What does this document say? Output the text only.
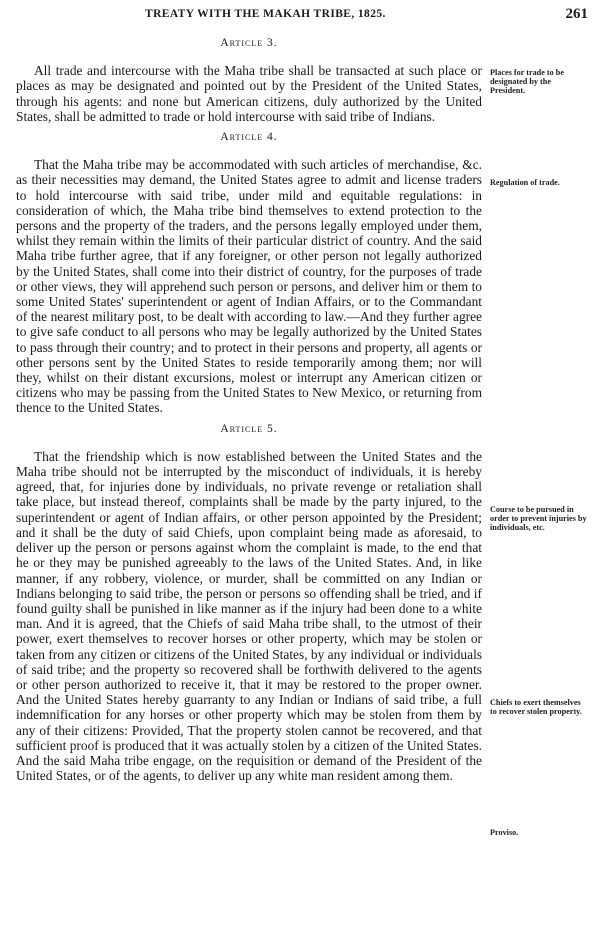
TREATY WITH THE MAKAH TRIBE, 1825.	261
Article 3.

All trade and intercourse with the Maha tribe shall be transacted at such place or places as may be designated and pointed out by the President of the United States, through his agents: and none but American citizens, duly authorized by the United States, shall be admitted to trade or hold intercourse with said tribe of Indians.

Article 4.

That the Maha tribe may be accommodated with such articles of merchandise, &c. as their necessities may demand, the United States agree to admit and license traders to hold intercourse with said tribe, under mild and equitable regulations: in consideration of which, the Maha tribe bind themselves to extend protection to the persons and the property of the traders, and the persons legally employed under them, whilst they remain within the limits of their particular district of country. And the said Maha tribe further agree, that if any foreigner, or other person not legally authorized by the United States, shall come into their district of country, for the purposes of trade or other views, they will apprehend such person or persons, and deliver him or them to some United States' superintendent or agent of Indian Affairs, or to the Commandant of the nearest military post, to be dealt with according to law.—And they further agree to give safe conduct to all persons who may be legally authorized by the United States to pass through their country; and to protect in their persons and property, all agents or other persons sent by the United States to reside temporarily among them; nor will they, whilst on their distant excursions, molest or interrupt any American citizen or citizens who may be passing from the United States to New Mexico, or returning from thence to the United States.

Article 5.

That the friendship which is now established between the United States and the Maha tribe should not be interrupted by the misconduct of individuals, it is hereby agreed, that, for injuries done by individuals, no private revenge or retaliation shall take place, but instead thereof, complaints shall be made by the party injured, to the superintendent or agent of Indian affairs, or other person appointed by the President; and it shall be the duty of said Chiefs, upon complaint being made as aforesaid, to deliver up the person or persons against whom the complaint is made, to the end that he or they may be punished agreeably to the laws of the United States. And, in like manner, if any robbery, violence, or murder, shall be committed on any Indian or Indians belonging to said tribe, the person or persons so offending shall be tried, and if found guilty shall be punished in like manner as if the injury had been done to a white man. And it is agreed, that the Chiefs of said Maha tribe shall, to the utmost of their power, exert themselves to recover horses or other property, which may be stolen or taken from any citizen or citizens of the United States, by any individual or individuals of said tribe; and the property so recovered shall be forthwith delivered to the agents or other person authorized to receive it, that it may be restored to the proper owner. And the United States hereby guarranty to any Indian or Indians of said tribe, a full indemnification for any horses or other property which may be stolen from them by any of their citizens: Provided, That the property stolen cannot be recovered, and that sufficient proof is produced that it was actually stolen by a citizen of the United States. And the said Maha tribe engage, on the requisition or demand of the President of the United States, or of the agents, to deliver up any white man resident among them.

Places for trade to be designated by the President.
Regulation of trade.
Course to be pursued in order to prevent injuries by individuals, etc.
Chiefs to exert themselves to recover stolen property.
Proviso.
